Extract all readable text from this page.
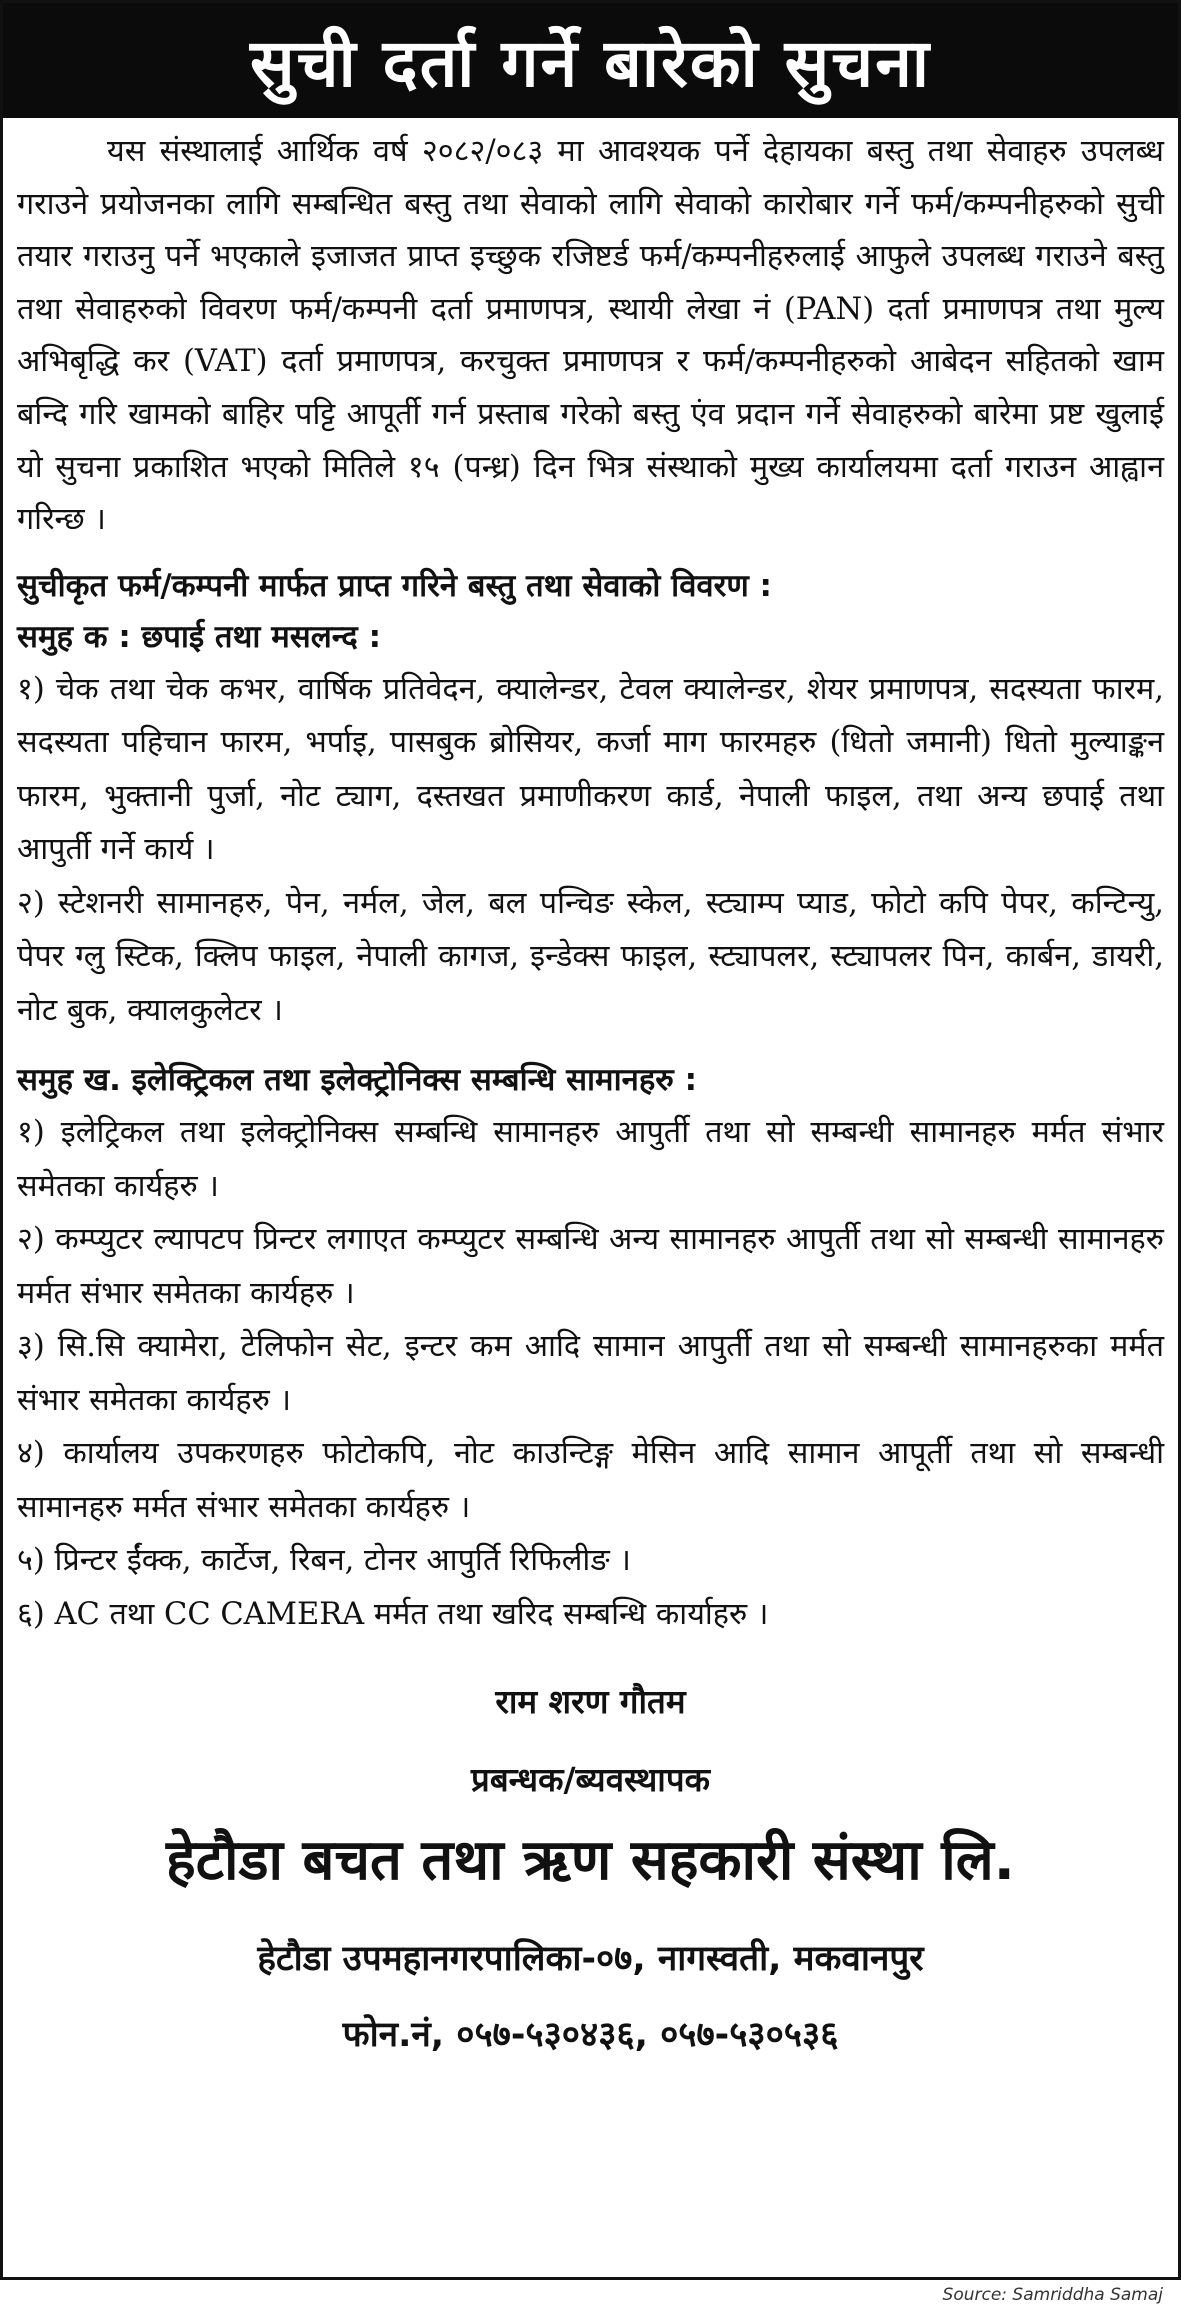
सुची दर्ता गर्ने बारेको सुचना

यस संस्थालाई आर्थिक वर्ष २०८२/०८३ मा आवश्यक पर्ने देहायका बस्तु तथा सेवाहरु उपलब्ध गराउने प्रयोजनका लागि सम्बन्धित बस्तु तथा सेवाको लागि सेवाको कारोबार गर्ने फर्म/कम्पनीहरुको सुची तयार गराउनु पर्ने भएकाले इजाजत प्राप्त इच्छुक रजिष्टर्ड फर्म/कम्पनीहरुलाई आफुले उपलब्ध गराउने बस्तु तथा सेवाहरुको विवरण फर्म/कम्पनी दर्ता प्रमाणपत्र, स्थायी लेखा नं (PAN) दर्ता प्रमाणपत्र तथा मुल्य अभिबृद्धि कर (VAT) दर्ता प्रमाणपत्र, करचुक्त प्रमाणपत्र र फर्म/कम्पनीहरुको आबेदन सहितको खाम बन्दि गरि खामको बाहिर पट्टि आपूर्ती गर्न प्रस्ताब गरेको बस्तु एंव प्रदान गर्ने सेवाहरुको बारेमा प्रष्ट खुलाई यो सुचना प्रकाशित भएको मितिले १५ (पन्ध्र) दिन भित्र संस्थाको मुख्य कार्यालयमा दर्ता गराउन आह्वान गरिन्छ ।

सुचीकृत फर्म/कम्पनी मार्फत प्राप्त गरिने बस्तु तथा सेवाको विवरण :

समुह क : छपाई तथा मसलन्द :

१) चेक तथा चेक कभर, वार्षिक प्रतिवेदन, क्यालेन्डर, टेवल क्यालेन्डर, शेयर प्रमाणपत्र, सदस्यता फारम, सदस्यता पहिचान फारम, भर्पाइ, पासबुक ब्रोसियर, कर्जा माग फारमहरु (धितो जमानी) धितो मुल्याङ्कन फारम, भुक्तानी पुर्जा, नोट ट्याग, दस्तखत प्रमाणीकरण कार्ड, नेपाली फाइल, तथा अन्य छपाई तथा आपुर्ती गर्ने कार्य ।

२) स्टेशनरी सामानहरु, पेन, नर्मल, जेल, बल पन्चिङ स्केल, स्ट्याम्प प्याड, फोटो कपि पेपर, कन्टिन्यु, पेपर ग्लु स्टिक, क्लिप फाइल, नेपाली कागज, इन्डेक्स फाइल, स्ट्यापलर, स्ट्यापलर पिन, कार्बन, डायरी, नोट बुक, क्यालकुलेटर ।

समुह ख. इलेक्ट्रिकल तथा इलेक्ट्रोनिक्स सम्बन्धि सामानहरु :

१) इलेट्रिकल तथा इलेक्ट्रोनिक्स सम्बन्धि सामानहरु आपुर्ती तथा सो सम्बन्धी सामानहरु मर्मत संभार समेतका कार्यहरु ।

२) कम्प्युटर ल्यापटप प्रिन्टर लगाएत कम्प्युटर सम्बन्धि अन्य सामानहरु आपुर्ती तथा सो सम्बन्धी सामानहरु मर्मत संभार समेतका कार्यहरु ।

३) सि.सि क्यामेरा, टेलिफोन सेट, इन्टर कम आदि सामान आपुर्ती तथा सो सम्बन्धी सामानहरुका मर्मत संभार समेतका कार्यहरु ।

४) कार्यालय उपकरणहरु फोटोकपि, नोट काउन्टिङ्ग मेसिन आदि सामान आपूर्ती तथा सो सम्बन्धी सामानहरु मर्मत संभार समेतका कार्यहरु ।

५) प्रिन्टर ईंक्क, कार्टेज, रिबन, टोनर आपुर्ति रिफिलीङ ।

६) AC तथा CC CAMERA मर्मत तथा खरिद सम्बन्धि कार्याहरु ।

राम शरण गौतम

प्रबन्धक/ब्यवस्थापक

हेटौडा बचत तथा ऋण सहकारी संस्था लि.

हेटौडा उपमहानगरपालिका-०७, नागस्वती, मकवानपुर

फोन.नं, ०५७-५३०४३६, ०५७-५३०५३६

Source: Samriddha Samaj
